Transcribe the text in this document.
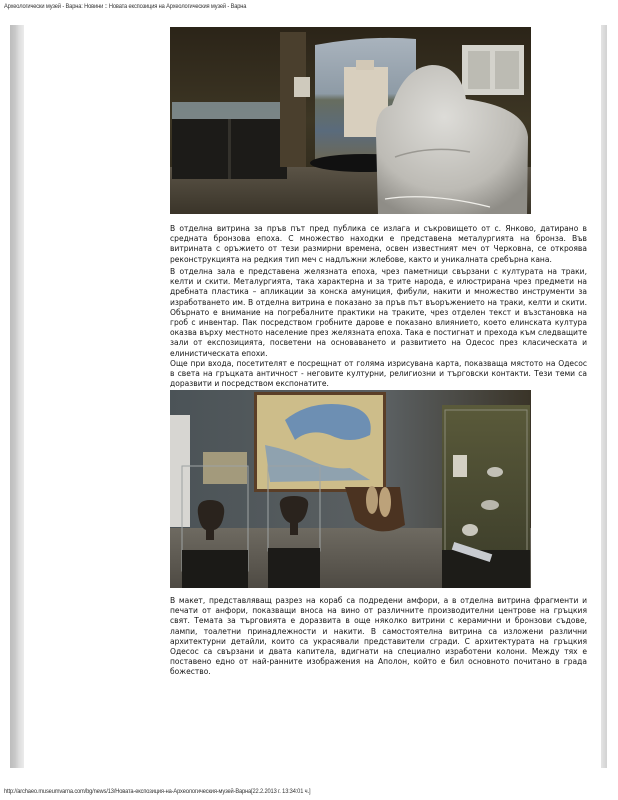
Археологически музей - Варна: Новини :: Новата експозиция на Археологическия музей - Варна

В отделна витрина за пръв път пред публика се излага и съкровището от с. Янково, датирано в средната бронзова епоха. С множество находки е представена металургията на бронза. Във витрината с оръжието от тези размирни времена, освен известният меч от Черковна, се откроява реконструкцията на редкия тип меч с надлъжни жлебове, както и уникалната сребърна кана.

В отделна зала е представена желязната епоха, чрез паметници свързани с културата на траки, келти и скити. Металургията, така характерна и за трите народа, е илюстрирана чрез предмети на дребната пластика – апликации за конска амуниция, фибули, накити и множество инструменти за изработването им. В отделна витрина е показано за пръв път въоръжението на траки, келти и скити. Обърнато е внимание на погребалните практики на траките, чрез отделен текст и възстановка на гроб с инвентар. Пак посредством гробните дарове е показано влиянието, което елинската култура оказва върху местното население през желязната епоха. Така е постигнат и прехода към следващите зали от експозицията, посветени на основаването и развитието на Одесос през класическата и елинистическата епохи.
Още при входа, посетителят е посрещнат от голяма изрисувана карта, показваща мястото на Одесос в света на гръцката античност - неговите културни, религиозни и търговски контакти. Тези теми са доразвити и посредством експонатите.

В макет, представляващ разрез на кораб са подредени амфори, а в отделна витрина фрагменти и печати от анфори, показващи вноса на вино от различните производителни центрове на гръцкия свят. Темата за търговията е доразвита в още няколко витрини с керамични и бронзови съдове, лампи, тоалетни принадлежности и накити. В самостоятелна витрина са изложени различни архитектурни детайли, които са украсявали представители сгради. С архитектурата на гръцкия Одесос са свързани и двата капитела, вдигнати на специално изработени колони. Между тях е поставено едно от най-ранните изображения на Аполон, който е бил основното почитано в града божество.

http://archaeo.museumvarna.com/bg/news/13/Новата-експозиция-на-Археологическия-музей-Варна[22.2.2013 г. 13:34:01 ч.]
